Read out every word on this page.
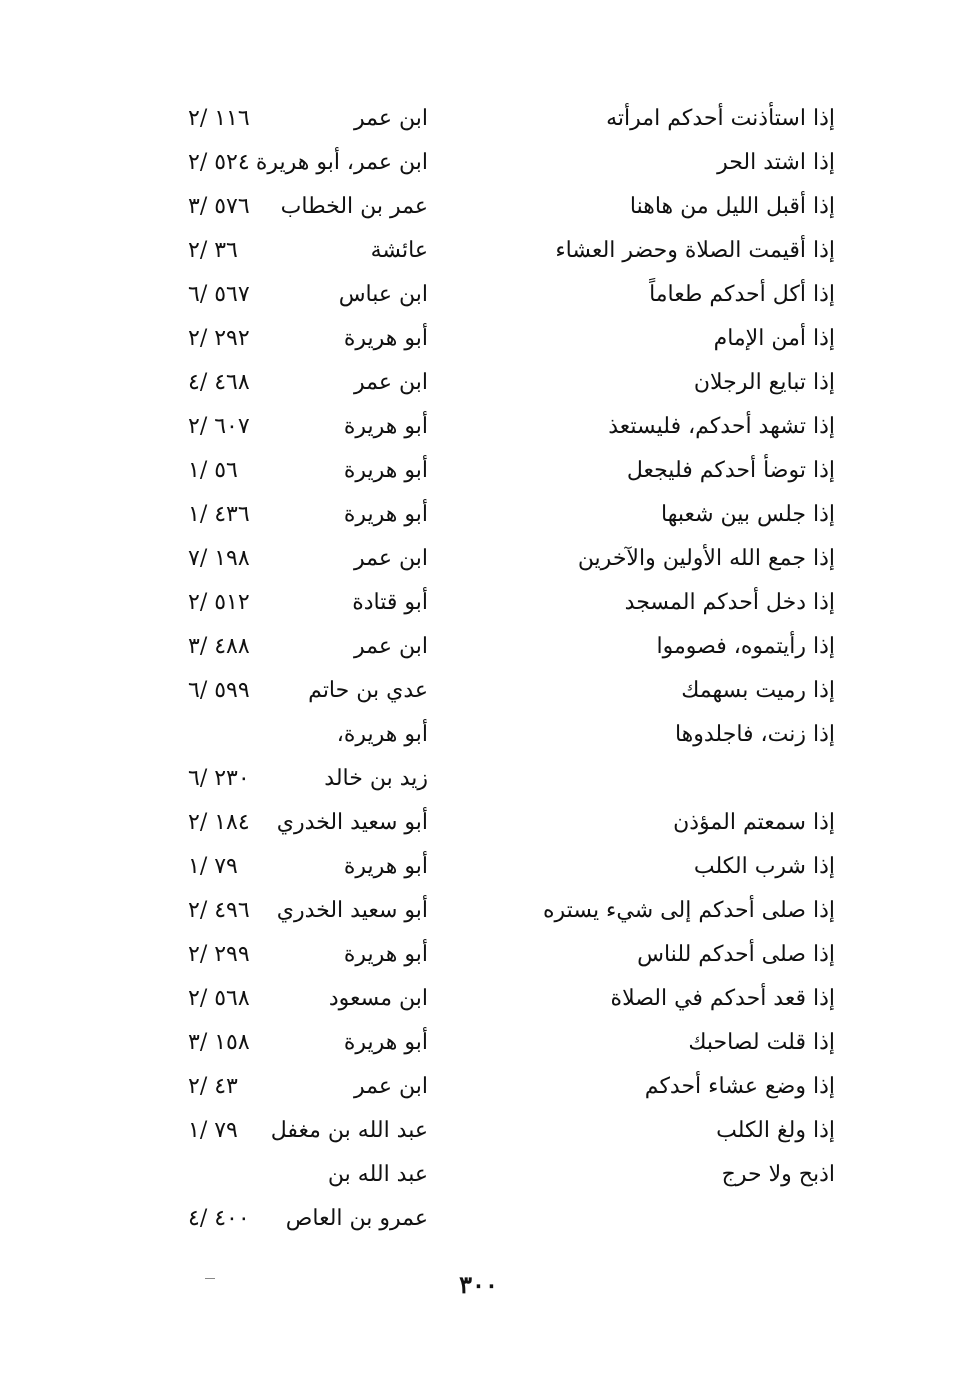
إذا استأذنت أحدكم امرأته
ابن عمر
۲/ ۱۱٦
إذا اشتد الحر
ابن عمر، أبو هريرة
۲/ ٥۲٤
إذا أقبل الليل من هاهنا
عمر بن الخطاب
۳/ ٥٧٦
إذا أقيمت الصلاة وحضر العشاء
عائشة
۲/ ۳٦
إذا أكل أحدكم طعاماً
ابن عباس
٦/ ٥٦٧
إذا أمن الإمام
أبو هريرة
۲/ ۲۹۲
إذا تبايع الرجلان
ابن عمر
٤/ ٤٦٨
إذا تشهد أحدكم، فليستعذ
أبو هريرة
۲/ ٦۰٧
إذا توضأ أحدكم فليجعل
أبو هريرة
۱/ ٥٦
إذا جلس بين شعبها
أبو هريرة
۱/ ٤۳٦
إذا جمع الله الأولين والآخرين
ابن عمر
٧/ ۱۹۸
إذا دخل أحدكم المسجد
أبو قتادة
۲/ ٥۱۲
إذا رأيتموه، فصوموا
ابن عمر
۳/ ٤۸۸
إذا رميت بسهمك
عدي بن حاتم
٦/ ٥۹۹
إذا زنت، فاجلدوها
أبو هريرة،
زيد بن خالد
٦/ ۲۳۰
إذا سمعتم المؤذن
أبو سعيد الخدري
۲/ ۱۸٤
إذا شرب الكلب
أبو هريرة
۱/ ٧۹
إذا صلى أحدكم إلى شيء يستره
أبو سعيد الخدري
۲/ ٤۹٦
إذا صلى أحدكم للناس
أبو هريرة
۲/ ۲۹۹
إذا قعد أحدكم في الصلاة
ابن مسعود
۲/ ٥٦۸
إذا قلت لصاحبك
أبو هريرة
۳/ ۱٥۸
إذا وضع عشاء أحدكم
ابن عمر
۲/ ٤۳
إذا ولغ الكلب
عبد الله بن مغفل
۱/ ٧۹
اذبح ولا حرج
عبد الله بن
عمرو بن العاص
٤/ ٤۰۰
۳۰۰
